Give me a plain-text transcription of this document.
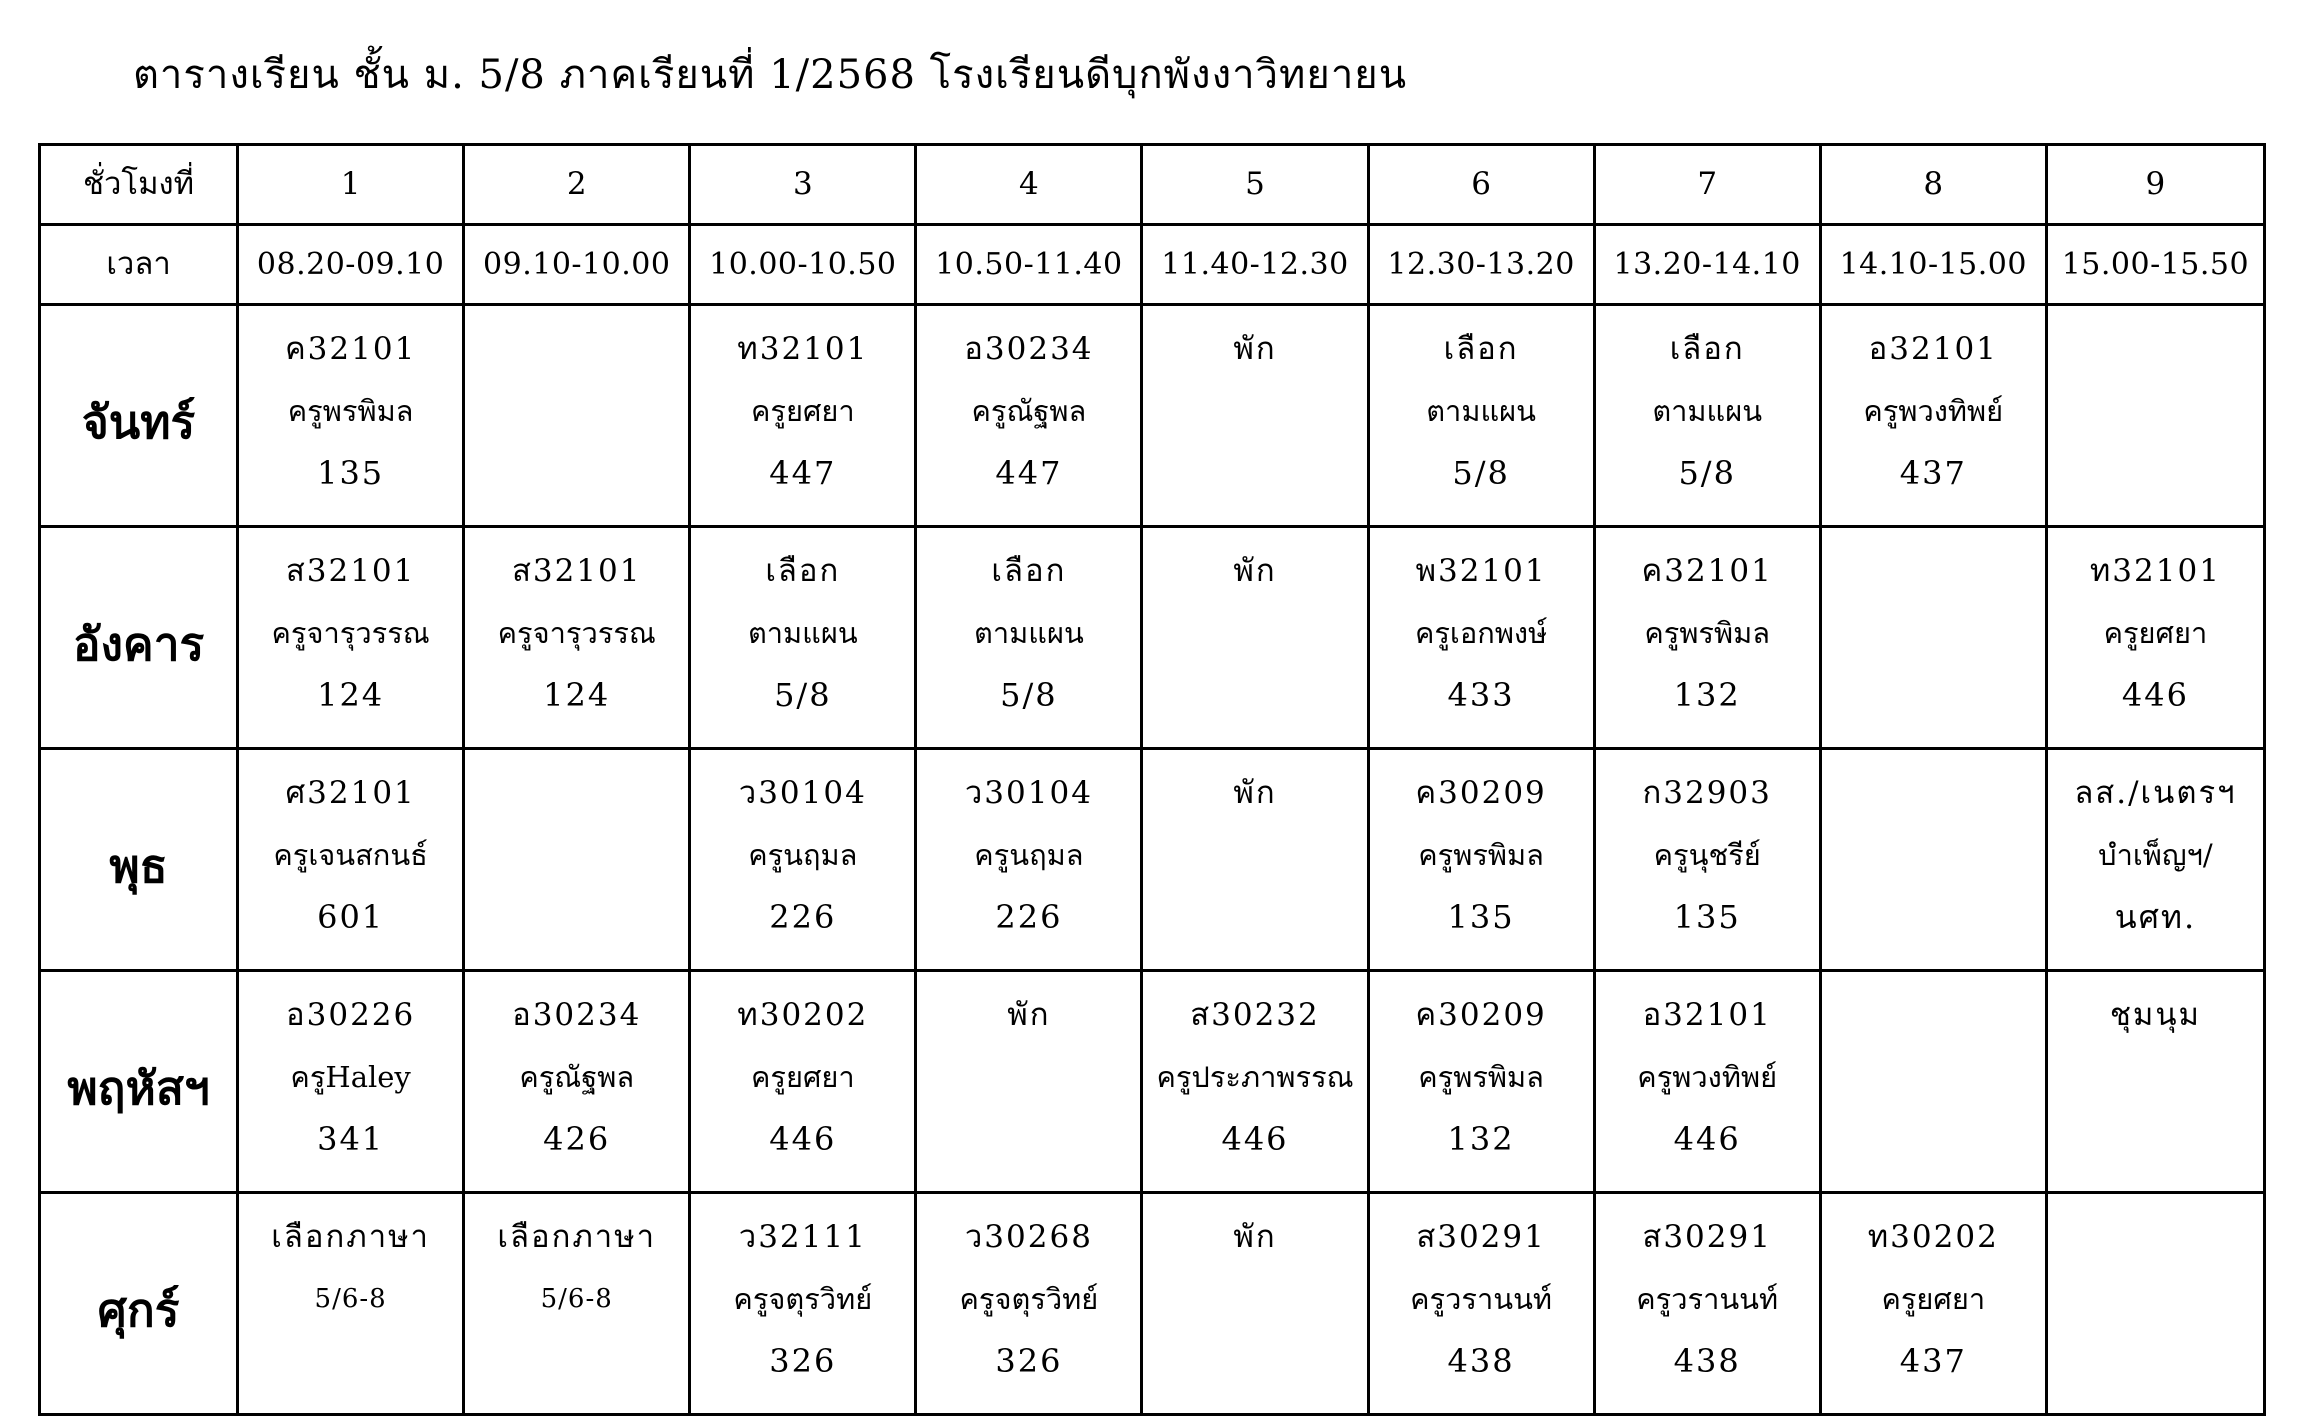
ตารางเรียน ชั้น ม. 5/8 ภาคเรียนที่ 1/2568 โรงเรียนดีบุกพังงาวิทยายน
ชั่วโมงที่	1	2	3	4	5	6	7	8	9
เวลา	08.20-09.10	09.10-10.00	10.00-10.50	10.50-11.40	11.40-12.30	12.30-13.20	13.20-14.10	14.10-15.00	15.00-15.50
จันทร์	ค32101
ครูพรพิมล
135		ท32101
ครูยศยา
447	อ30234
ครูณัฐพล
447	พัก	เลือก
ตามแผน
5/8	เลือก
ตามแผน
5/8	อ32101
ครูพวงทิพย์
437	

อังคาร	ส32101
ครูจารุวรรณ
124	ส32101
ครูจารุวรรณ
124	เลือก
ตามแผน
5/8	เลือก
ตามแผน
5/8	พัก	พ32101
ครูเอกพงษ์
433	ค32101
ครูพรพิมล
132		ท32101
ครูยศยา
446

พุธ	ศ32101
ครูเจนสกนธ์
601		ว30104
ครูนฤมล
226	ว30104
ครูนฤมล
226	พัก	ค30209
ครูพรพิมล
135	ก32903
ครูนุชรีย์
135		ลส./เนตรฯ
บำเพ็ญฯ/
นศท.

พฤหัสฯ	อ30226
ครูHaley
341	อ30234
ครูณัฐพล
426	ท30202
ครูยศยา
446	พัก	ส30232
ครูประภาพรรณ
446	ค30209
ครูพรพิมล
132	อ32101
ครูพวงทิพย์
446		ชุมนุม

ศุกร์	เลือกภาษา
5/6-8	เลือกภาษา
5/6-8	ว32111
ครูจตุรวิทย์
326	ว30268
ครูจตุรวิทย์
326	พัก	ส30291
ครูวรานนท์
438	ส30291
ครูวรานนท์
438	ท30202
ครูยศยา
437	
